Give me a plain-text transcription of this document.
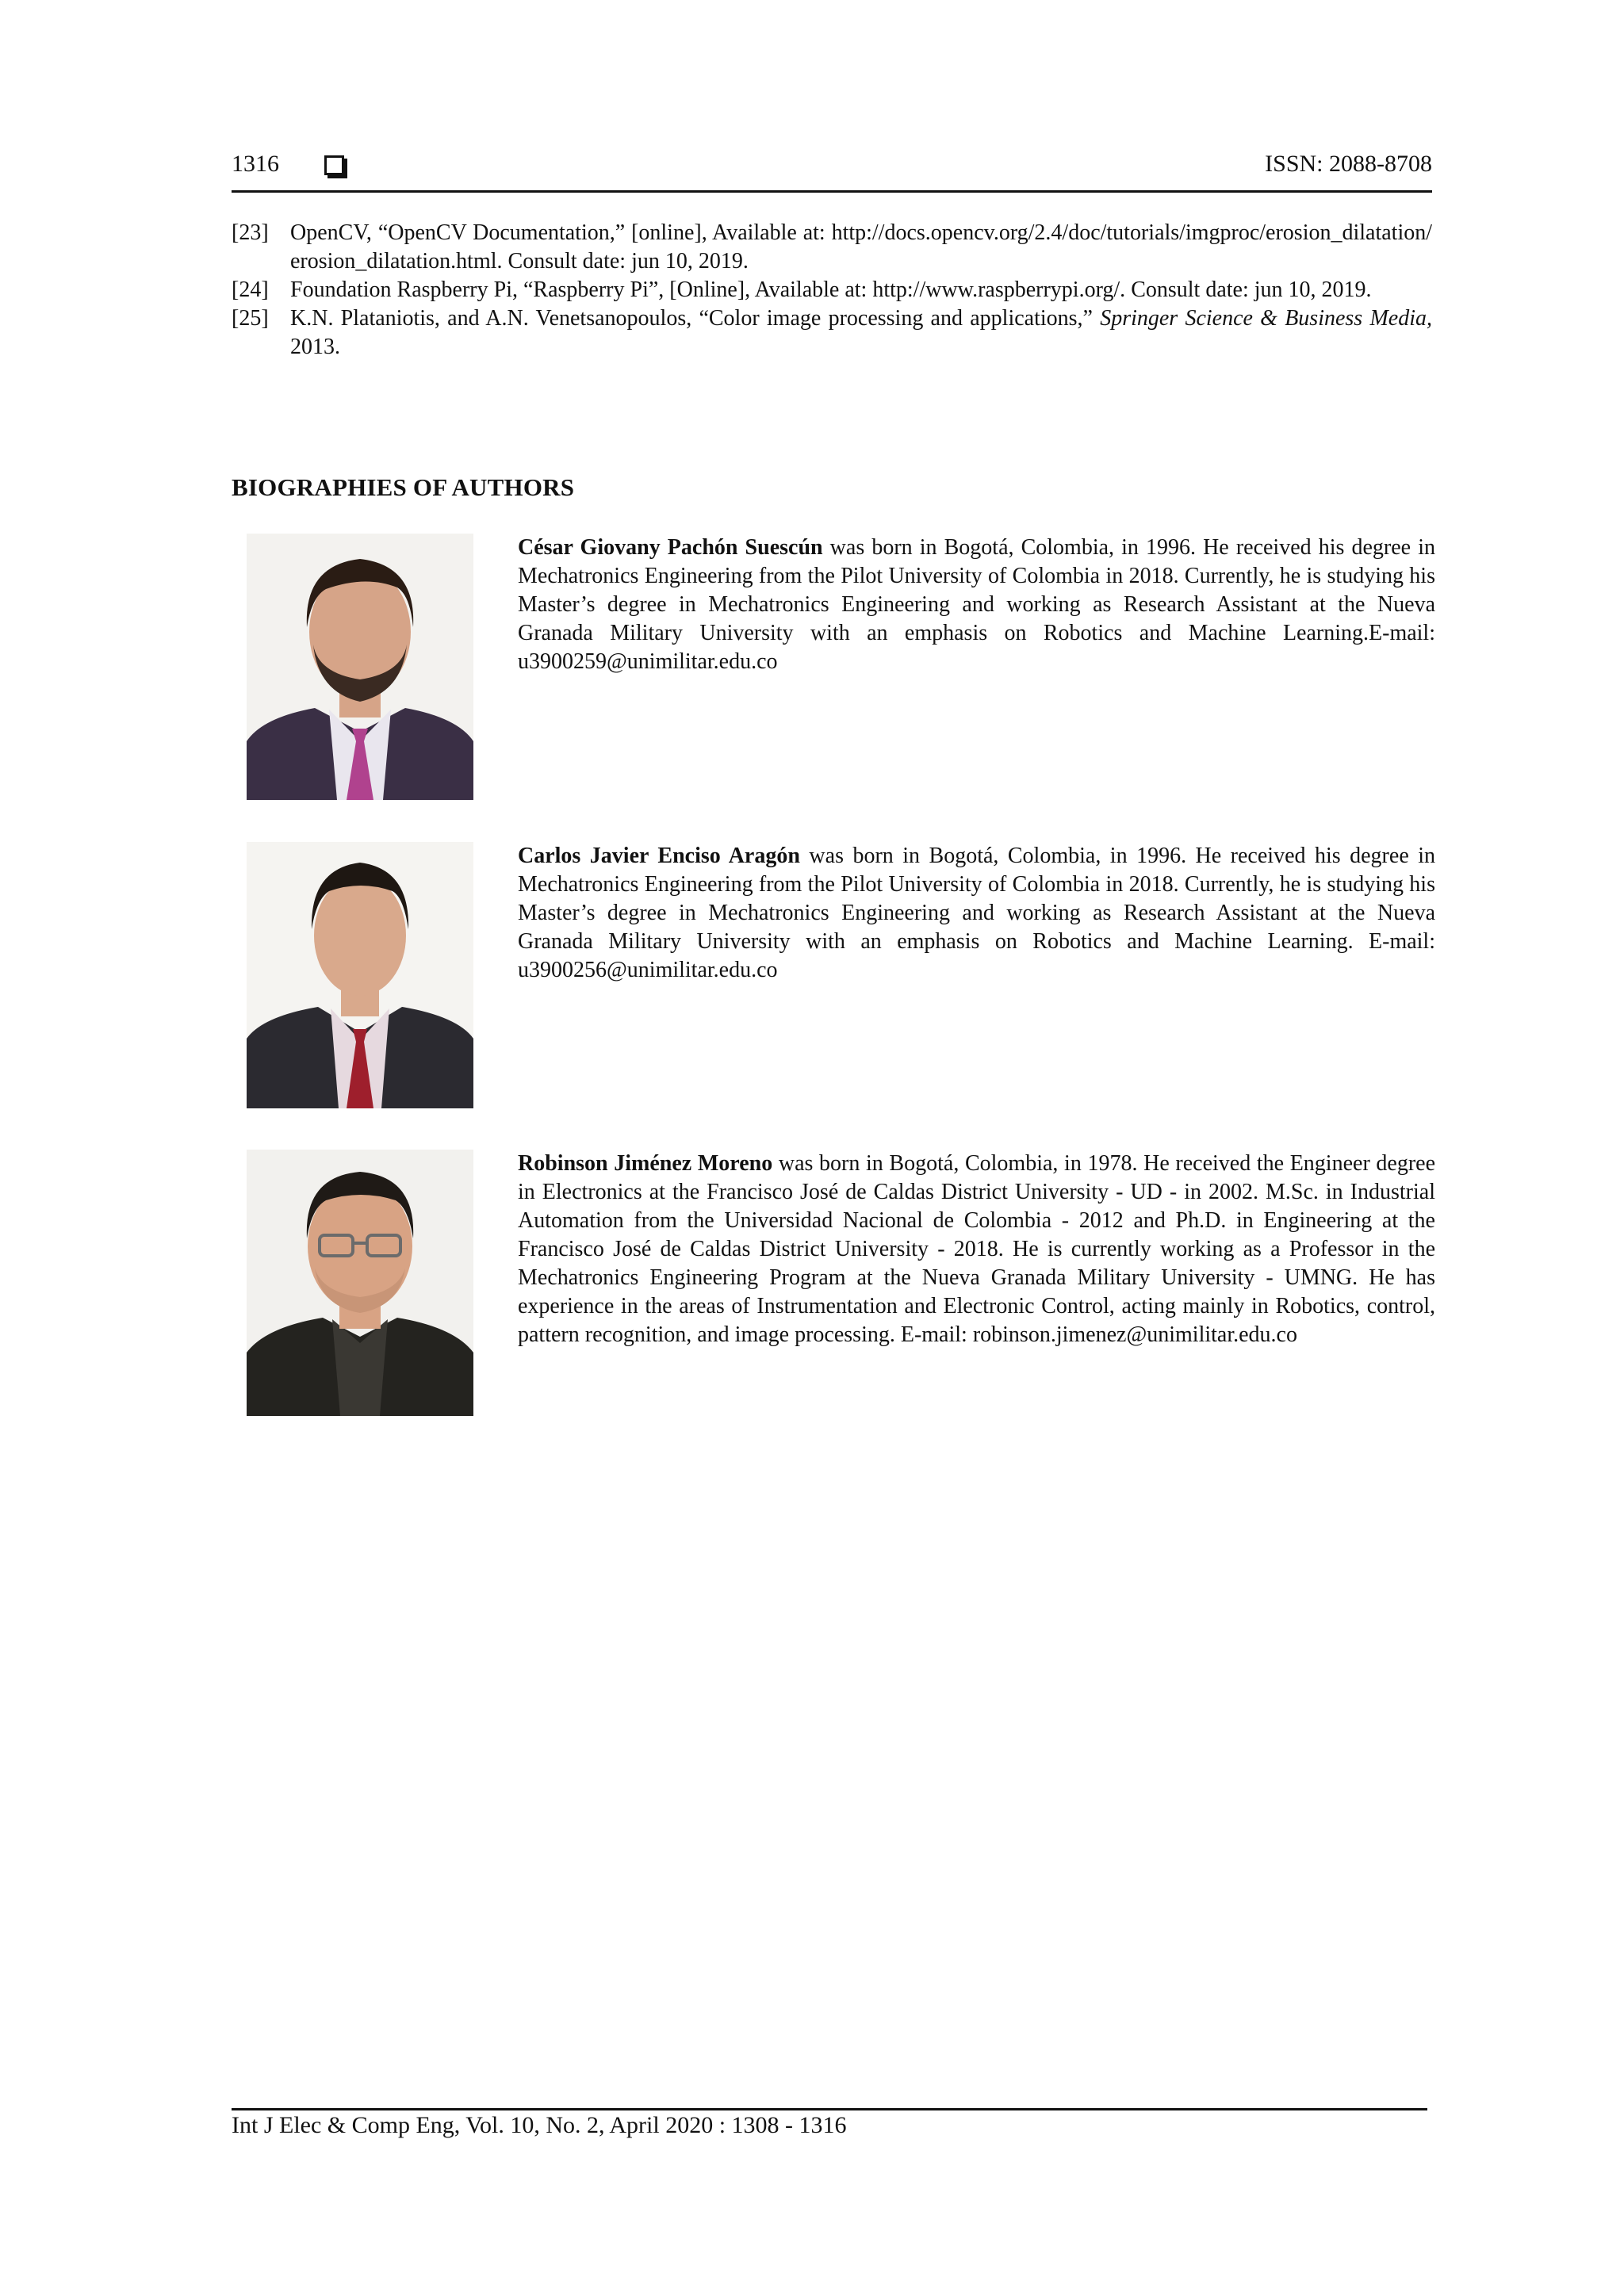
1316	ISSN: 2088-8708

[23] OpenCV, “OpenCV Documentation,” [online], Available at: http://docs.opencv.org/2.4/doc/tutorials/imgproc/erosion_dilatation/erosion_dilatation.html. Consult date: jun 10, 2019.

[24] Foundation Raspberry Pi, “Raspberry Pi”, [Online], Available at: http://www.raspberrypi.org/. Consult date: jun 10, 2019.

[25] K.N. Plataniotis, and A.N. Venetsanopoulos, “Color image processing and applications,” Springer Science & Business Media, 2013.

BIOGRAPHIES OF AUTHORS
César Giovany Pachón Suescún was born in Bogotá, Colombia, in 1996. He received his degree in Mechatronics Engineering from the Pilot University of Colombia in 2018. Currently, he is studying his Master’s degree in Mechatronics Engineering and working as Research Assistant at the Nueva Granada Military University with an emphasis on Robotics and Machine Learning.E-mail: u3900259@unimilitar.edu.co
Carlos Javier Enciso Aragón was born in Bogotá, Colombia, in 1996. He received his degree in Mechatronics Engineering from the Pilot University of Colombia in 2018. Currently, he is studying his Master’s degree in Mechatronics Engineering and working as Research Assistant at the Nueva Granada Military University with an emphasis on Robotics and Machine Learning. E-mail: u3900256@unimilitar.edu.co
Robinson Jiménez Moreno was born in Bogotá, Colombia, in 1978. He received the Engineer degree in Electronics at the Francisco José de Caldas District University - UD - in 2002. M.Sc. in Industrial Automation from the Universidad Nacional de Colombia - 2012 and Ph.D. in Engineering at the Francisco José de Caldas District University - 2018. He is currently working as a Professor in the Mechatronics Engineering Program at the Nueva Granada Military University - UMNG. He has experience in the areas of Instrumentation and Electronic Control, acting mainly in Robotics, control, pattern recognition, and image processing. E-mail: robinson.jimenez@unimilitar.edu.co
Int J Elec & Comp Eng, Vol. 10, No. 2, April 2020 : 1308 - 1316
